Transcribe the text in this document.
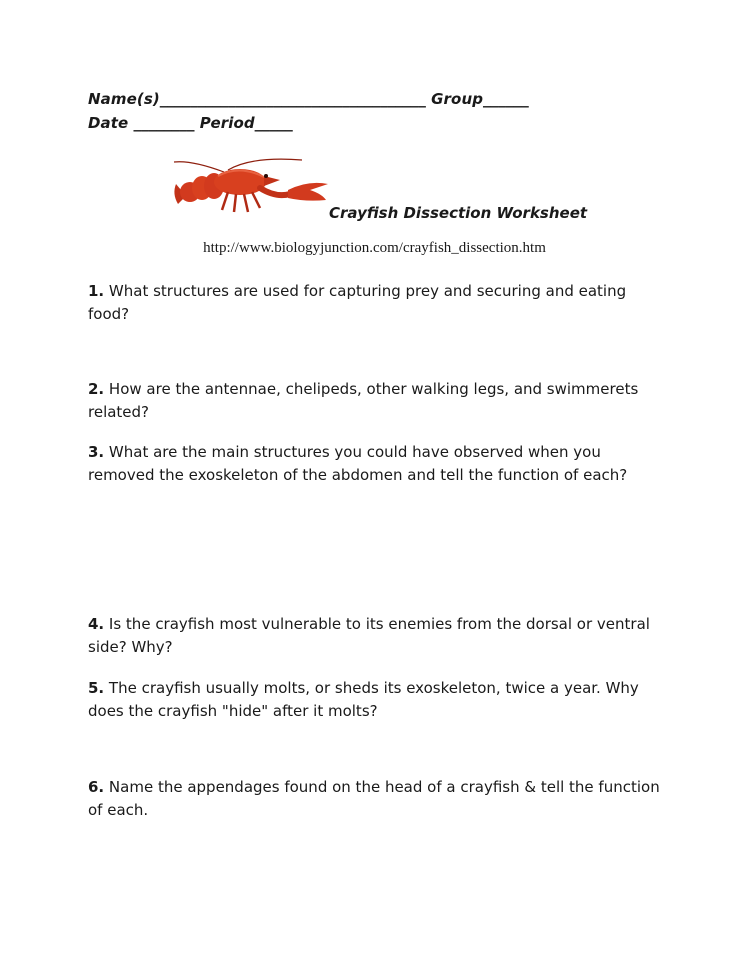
Name(s)___________________________________ Group______
Date ________ Period_____
Crayfish Dissection Worksheet
http://www.biologyjunction.com/crayfish_dissection.htm
1. What structures are used for capturing prey and securing and eating food?
2. How are the antennae, chelipeds, other walking legs, and swimmerets related?
3. What are the main structures you could have observed when you removed the exoskeleton of the abdomen and tell the function of each?
4. Is the crayfish most vulnerable to its enemies from the dorsal or ventral side? Why?
5. The crayfish usually molts, or sheds its exoskeleton, twice a year. Why does the crayfish "hide" after it molts?
6. Name the appendages found on the head of a crayfish & tell the function of each.
